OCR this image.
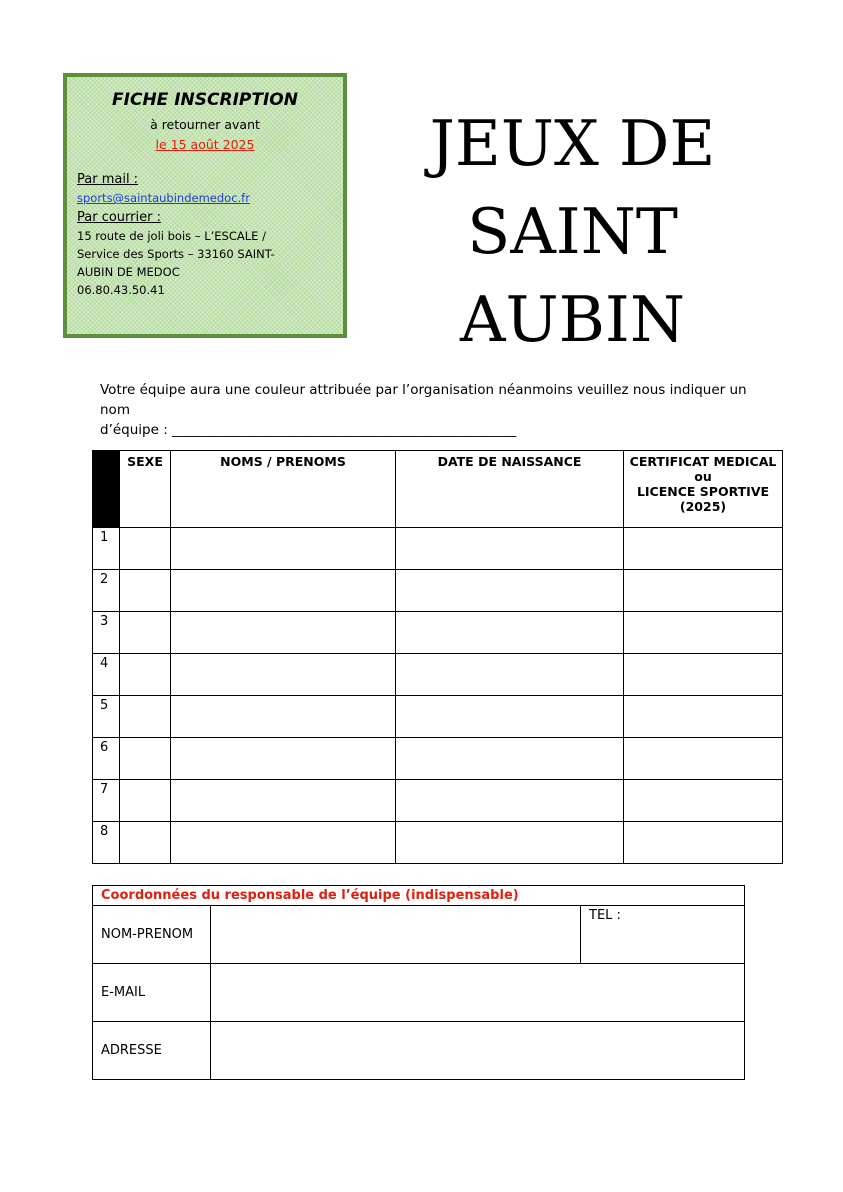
FICHE INSCRIPTION
à retourner avant
le 15 août 2025
Par mail :
sports@saintaubindemedoc.fr
Par courrier :
15 route de joli bois – L’ESCALE /
Service des Sports – 33160 SAINT-
AUBIN DE MEDOC
06.80.43.50.41
JEUX DE
SAINT
AUBIN
Votre équipe aura une couleur attribuée par l’organisation néanmoins veuillez nous indiquer un nom
d’équipe : ___________________________________________________
	SEXE	NOMS / PRENOMS	DATE DE NAISSANCE	CERTIFICAT MEDICAL
ou
LICENCE SPORTIVE
(2025)

1				
2				
3				
4				
5				
6				
7				
8				
Coordonnées du responsable de l’équipe (indispensable)		
NOM-PRENOM		TEL :
E-MAIL		
ADRESSE		
